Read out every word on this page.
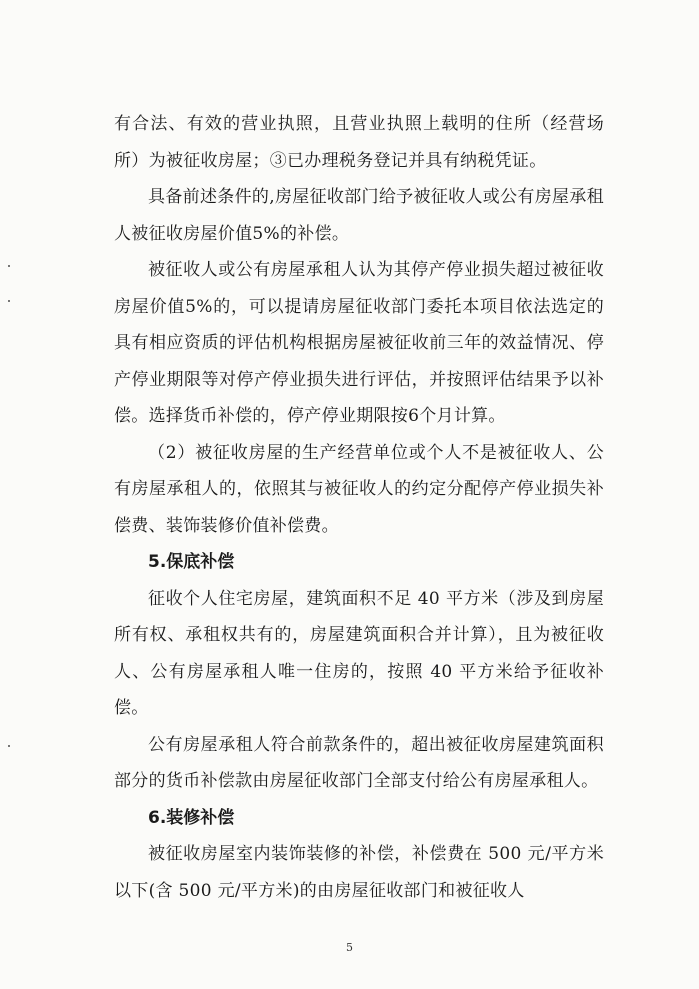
有合法、有效的营业执照，且营业执照上载明的住所（经营场所）为被征收房屋；③已办理税务登记并具有纳税凭证。

具备前述条件的,房屋征收部门给予被征收人或公有房屋承租人被征收房屋价值5%的补偿。

被征收人或公有房屋承租人认为其停产停业损失超过被征收房屋价值5%的，可以提请房屋征收部门委托本项目依法选定的具有相应资质的评估机构根据房屋被征收前三年的效益情况、停产停业期限等对停产停业损失进行评估，并按照评估结果予以补偿。选择货币补偿的，停产停业期限按6个月计算。

（2）被征收房屋的生产经营单位或个人不是被征收人、公有房屋承租人的，依照其与被征收人的约定分配停产停业损失补偿费、装饰装修价值补偿费。

5.保底补偿

征收个人住宅房屋，建筑面积不足 40 平方米（涉及到房屋所有权、承租权共有的，房屋建筑面积合并计算），且为被征收人、公有房屋承租人唯一住房的，按照 40 平方米给予征收补偿。

公有房屋承租人符合前款条件的，超出被征收房屋建筑面积部分的货币补偿款由房屋征收部门全部支付给公有房屋承租人。

6.装修补偿

被征收房屋室内装饰装修的补偿，补偿费在 500 元/平方米以下(含 500 元/平方米)的由房屋征收部门和被征收人

5
